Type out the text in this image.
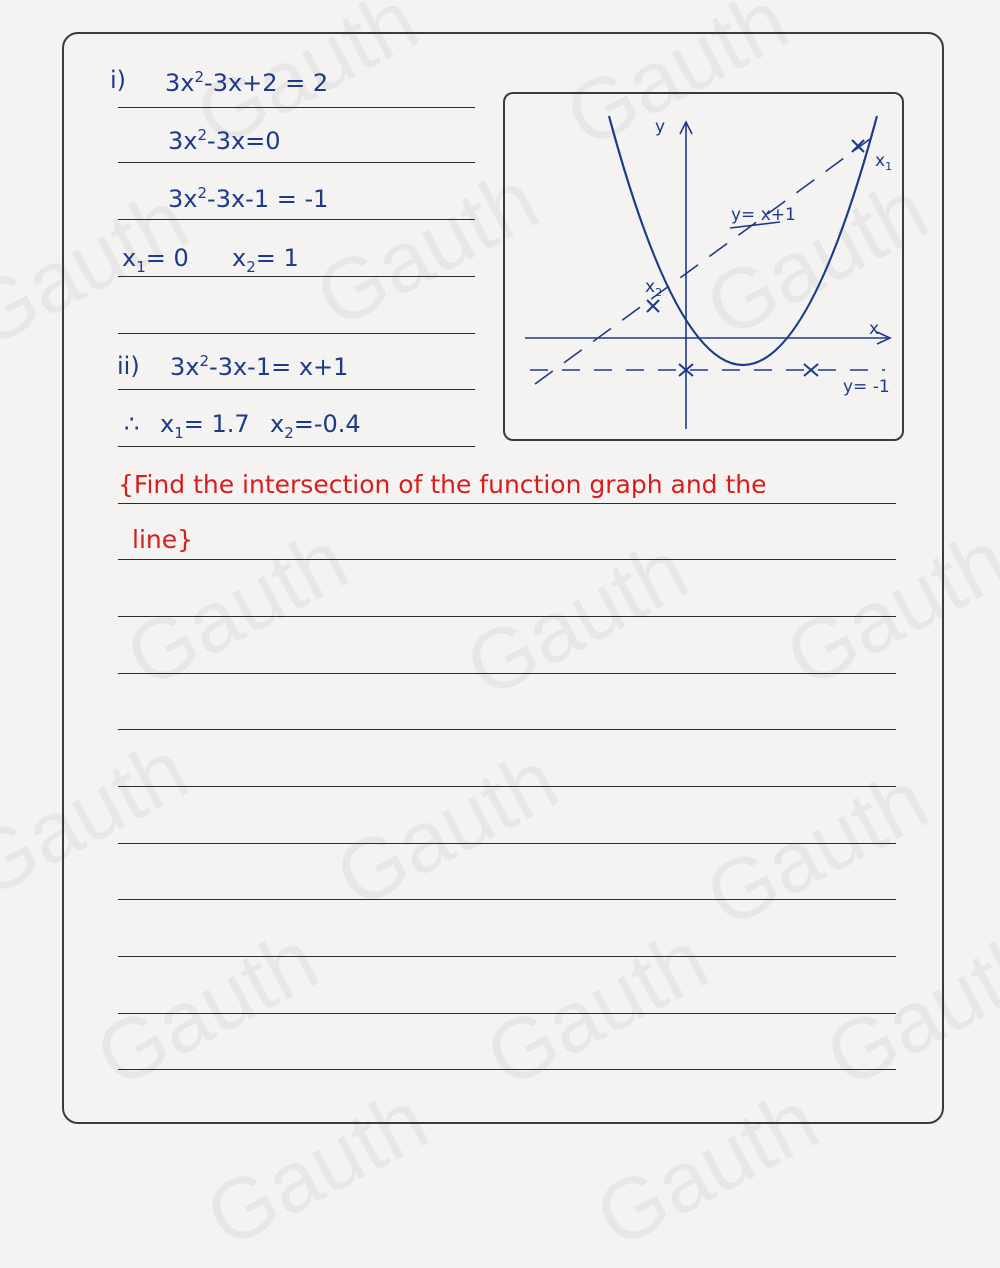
i) $3x^2-3x+2 = 2$
$3x^2-3x=0$
$3x^2-3x-1 = -1$
$x_1= 0$ $x_2= 1$
ii) $3x^2-3x-1= x+1$
∴ $x_1= 1.7$ $x_2=-0.4$
{Find the intersection of the function graph and the
line}
y
x
y= x+1
y= -1
$x_1$
$x_2$
